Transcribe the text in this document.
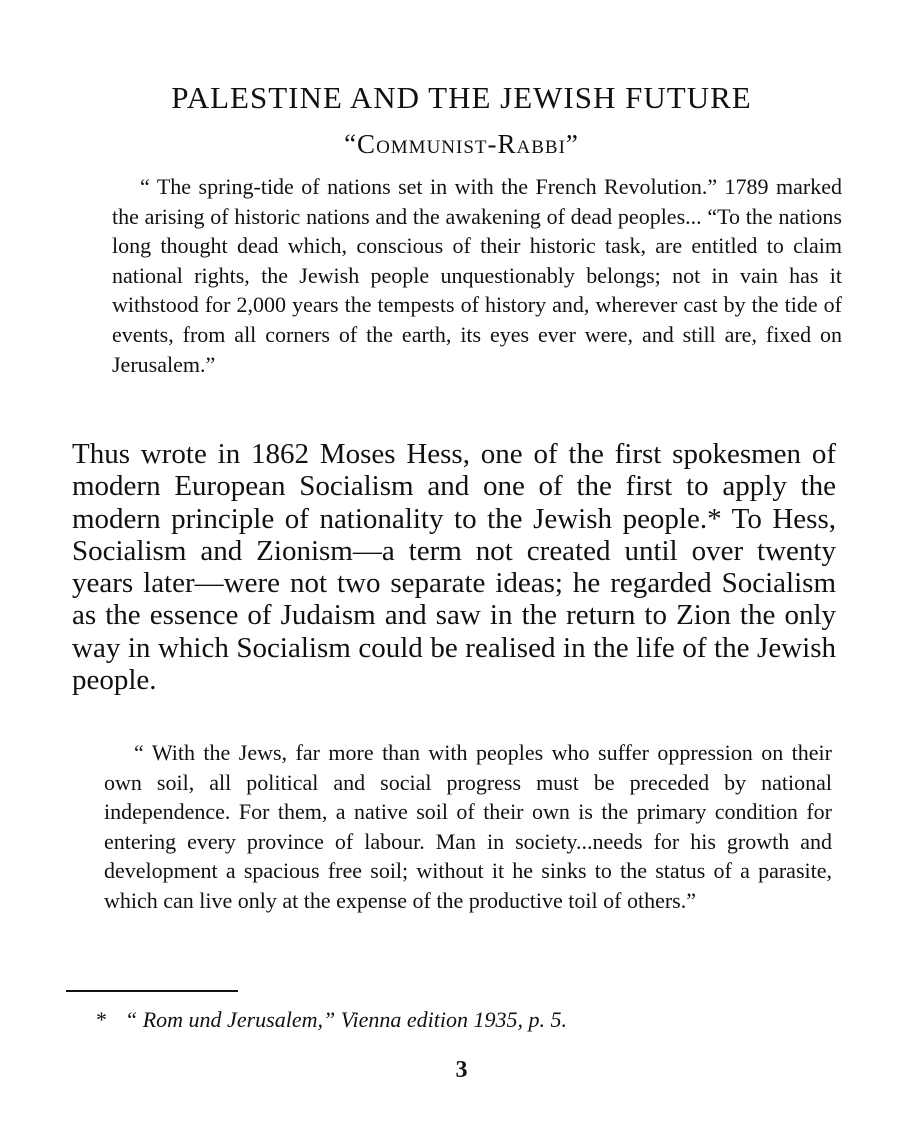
PALESTINE AND THE JEWISH FUTURE
“Communist-Rabbi”

“ The spring-tide of nations set in with the French Revolution.” 1789 marked the arising of historic nations and the awakening of dead peoples... “To the nations long thought dead which, conscious of their historic task, are entitled to claim national rights, the Jewish people unquestionably belongs; not in vain has it withstood for 2,000 years the tempests of history and, wherever cast by the tide of events, from all corners of the earth, its eyes ever were, and still are, fixed on Jerusalem.”

Thus wrote in 1862 Moses Hess, one of the first spokesmen of modern European Socialism and one of the first to apply the modern principle of nationality to the Jewish people.* To Hess, Socialism and Zionism—a term not created until over twenty years later—were not two separate ideas; he regarded Socialism as the essence of Judaism and saw in the return to Zion the only way in which Socialism could be realised in the life of the Jewish people.

“ With the Jews, far more than with peoples who suffer oppression on their own soil, all political and social progress must be preceded by national independence. For them, a native soil of their own is the primary condition for entering every province of labour. Man in society...needs for his growth and development a spacious free soil; without it he sinks to the status of a parasite, which can live only at the expense of the productive toil of others.”

* “ Rom und Jerusalem,” Vienna edition 1935, p. 5.
3
